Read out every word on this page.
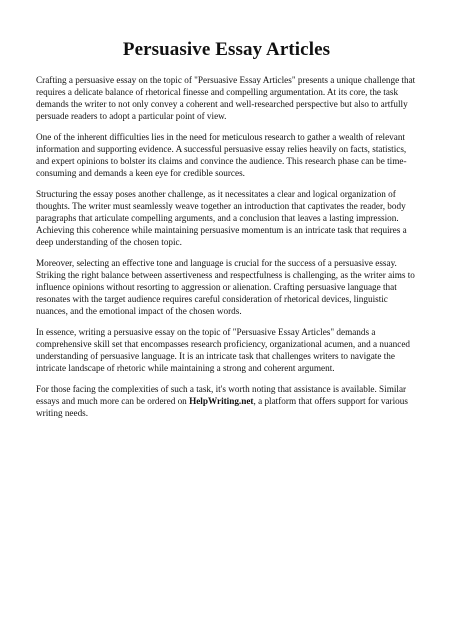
Persuasive Essay Articles

Crafting a persuasive essay on the topic of "Persuasive Essay Articles" presents a unique challenge that requires a delicate balance of rhetorical finesse and compelling argumentation. At its core, the task demands the writer to not only convey a coherent and well-researched perspective but also to artfully persuade readers to adopt a particular point of view.

One of the inherent difficulties lies in the need for meticulous research to gather a wealth of relevant information and supporting evidence. A successful persuasive essay relies heavily on facts, statistics, and expert opinions to bolster its claims and convince the audience. This research phase can be time-consuming and demands a keen eye for credible sources.

Structuring the essay poses another challenge, as it necessitates a clear and logical organization of thoughts. The writer must seamlessly weave together an introduction that captivates the reader, body paragraphs that articulate compelling arguments, and a conclusion that leaves a lasting impression. Achieving this coherence while maintaining persuasive momentum is an intricate task that requires a deep understanding of the chosen topic.

Moreover, selecting an effective tone and language is crucial for the success of a persuasive essay. Striking the right balance between assertiveness and respectfulness is challenging, as the writer aims to influence opinions without resorting to aggression or alienation. Crafting persuasive language that resonates with the target audience requires careful consideration of rhetorical devices, linguistic nuances, and the emotional impact of the chosen words.

In essence, writing a persuasive essay on the topic of "Persuasive Essay Articles" demands a comprehensive skill set that encompasses research proficiency, organizational acumen, and a nuanced understanding of persuasive language. It is an intricate task that challenges writers to navigate the intricate landscape of rhetoric while maintaining a strong and coherent argument.

For those facing the complexities of such a task, it's worth noting that assistance is available. Similar essays and much more can be ordered on HelpWriting.net, a platform that offers support for various writing needs.
